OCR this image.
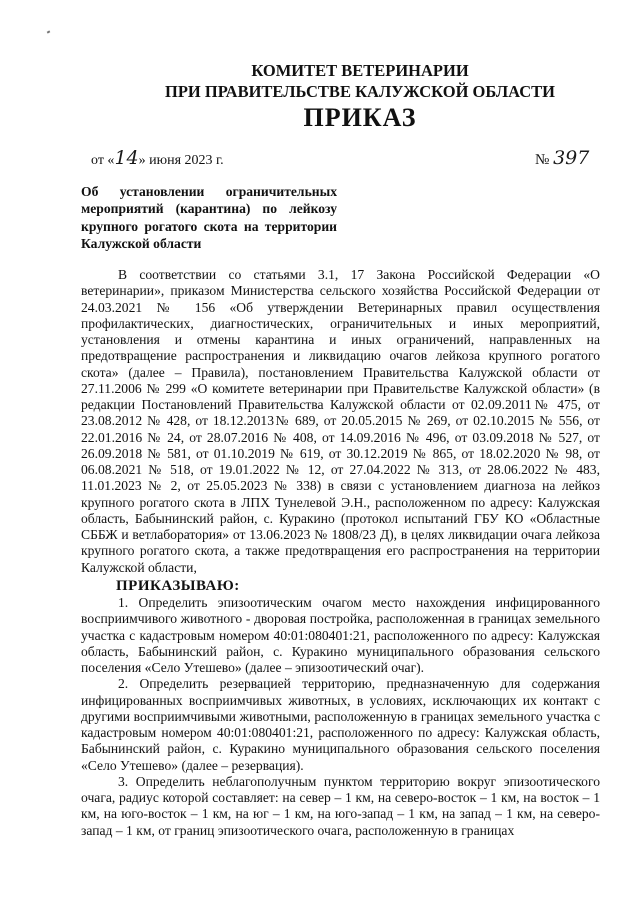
КОМИТЕТ ВЕТЕРИНАРИИ
ПРИ ПРАВИТЕЛЬСТВЕ КАЛУЖСКОЙ ОБЛАСТИ
ПРИКАЗ
от «14» июня 2023 г.	№ 397
Об установлении ограничительных мероприятий (карантина) по лейкозу крупного рогатого скота на территории Калужской области

В соответствии со статьями 3.1, 17 Закона Российской Федерации «О ветеринарии», приказом Министерства сельского хозяйства Российской Федерации от 24.03.2021 № 156 «Об утверждении Ветеринарных правил осуществления профилактических, диагностических, ограничительных и иных мероприятий, установления и отмены карантина и иных ограничений, направленных на предотвращение распространения и ликвидацию очагов лейкоза крупного рогатого скота» (далее – Правила), постановлением Правительства Калужской области от 27.11.2006 № 299 «О комитете ветеринарии при Правительстве Калужской области» (в редакции Постановлений Правительства Калужской области от 02.09.2011№ 475, от 23.08.2012 № 428, от 18.12.2013№ 689, от 20.05.2015 № 269, от 02.10.2015 № 556, от 22.01.2016 № 24, от 28.07.2016 № 408, от 14.09.2016 № 496, от 03.09.2018 № 527, от 26.09.2018 № 581, от 01.10.2019 № 619, от 30.12.2019 № 865, от 18.02.2020 № 98, от 06.08.2021 № 518, от 19.01.2022 № 12, от 27.04.2022 № 313, от 28.06.2022 № 483, 11.01.2023 № 2, от 25.05.2023 № 338) в связи с установлением диагноза на лейкоз крупного рогатого скота в ЛПХ Тунелевой Э.Н., расположенном по адресу: Калужская область, Бабынинский район, с. Куракино (протокол испытаний ГБУ КО «Областные СББЖ и ветлаборатория» от 13.06.2023 № 1808/23 Д), в целях ликвидации очага лейкоза крупного рогатого скота, а также предотвращения его распространения на территории Калужской области,

ПРИКАЗЫВАЮ:

1. Определить эпизоотическим очагом место нахождения инфицированного восприимчивого животного - дворовая постройка, расположенная в границах земельного участка с кадастровым номером 40:01:080401:21, расположенного по адресу: Калужская область, Бабынинский район, с. Куракино муниципального образования сельского поселения «Село Утешево» (далее – эпизоотический очаг).

2. Определить резервацией территорию, предназначенную для содержания инфицированных восприимчивых животных, в условиях, исключающих их контакт с другими восприимчивыми животными, расположенную в границах земельного участка с кадастровым номером 40:01:080401:21, расположенного по адресу: Калужская область, Бабынинский район, с. Куракино муниципального образования сельского поселения «Село Утешево» (далее – резервация).

3. Определить неблагополучным пунктом территорию вокруг эпизоотического очага, радиус которой составляет: на север – 1 км, на северо-восток – 1 км, на восток – 1 км, на юго-восток – 1 км, на юг – 1 км, на юго-запад – 1 км, на запад – 1 км, на северо-запад – 1 км, от границ эпизоотического очага, расположенную в границах
